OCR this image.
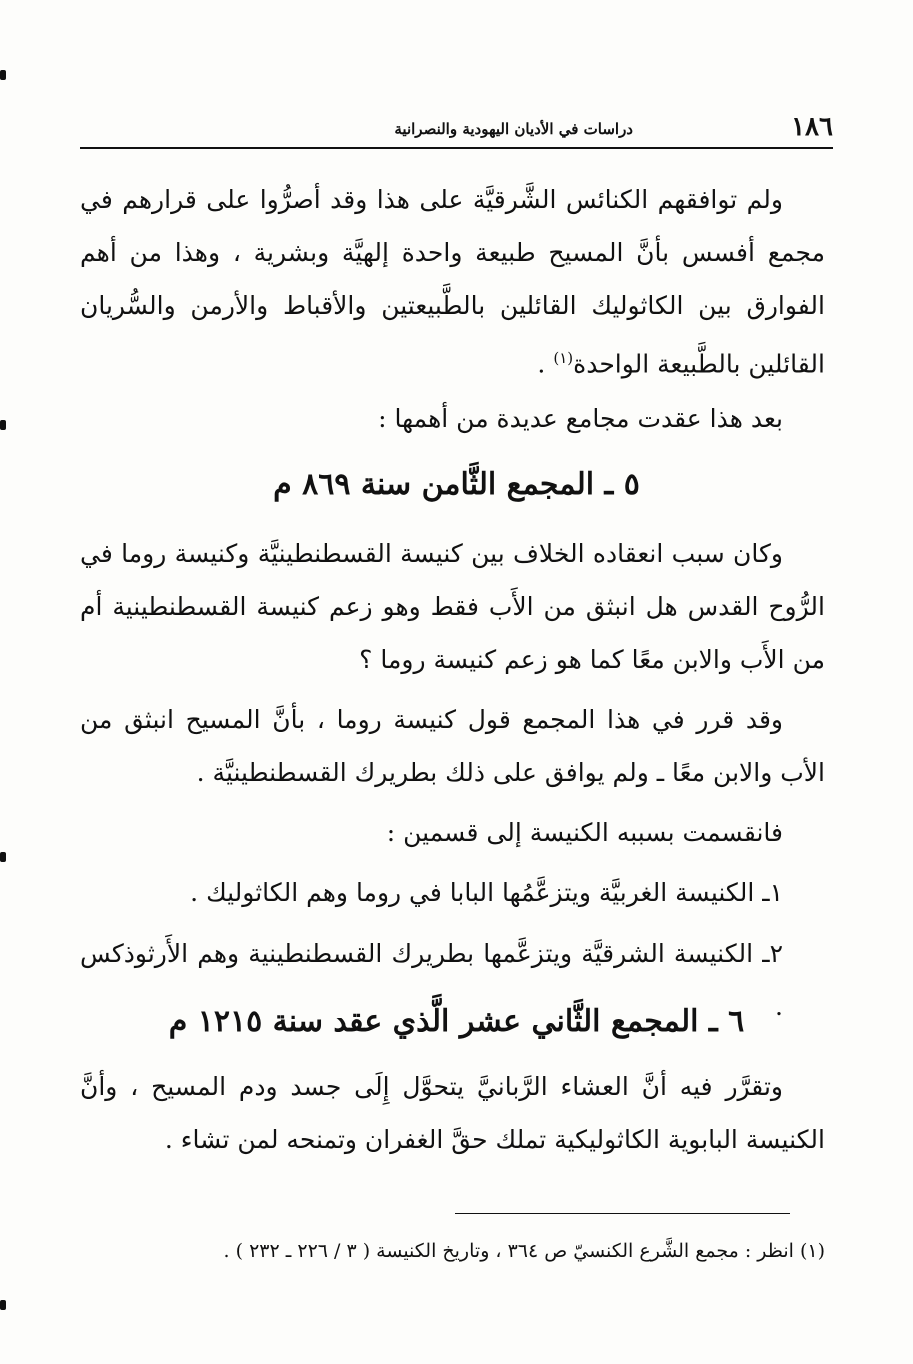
١٨٦
دراسات في الأديان اليهودية والنصرانية
ولم توافقهم الكنائس الشَّرقيَّة على هذا وقد أصرُّوا على قرارهم في مجمع أفسس بأنَّ المسيح طبيعة واحدة إلهيَّة وبشرية ، وهذا من أهم الفوارق بين الكاثوليك القائلين بالطَّبيعتين والأقباط والأرمن والسُّريان القائلين بالطَّبيعة الواحدة$^{(١)}$ .
بعد هذا عقدت مجامع عديدة من أهمها :
٥ ـ المجمع الثَّامن سنة ٨٦٩ م
وكان سبب انعقاده الخلاف بين كنيسة القسطنطينيَّة وكنيسة روما في الرُّوح القدس هل انبثق من الأَب فقط وهو زعم كنيسة القسطنطينية أم من الأَب والابن معًا كما هو زعم كنيسة روما ؟
وقد قرر في هذا المجمع قول كنيسة روما ، بأنَّ المسيح انبثق من الأب والابن معًا ـ ولم يوافق على ذلك بطريرك القسطنطينيَّة .
فانقسمت بسببه الكنيسة إلى قسمين :
١ـ الكنيسة الغربيَّة ويتزعَّمُها البابا في روما وهم الكاثوليك .
٢ـ الكنيسة الشرقيَّة ويتزعَّمها بطريرك القسطنطينية وهم الأَرثوذكس .
٦ ـ المجمع الثَّاني عشر الَّذي عقد سنة ١٢١٥ م
وتقرَّر فيه أنَّ العشاء الرَّبانيَّ يتحوَّل إِلَى جسد ودم المسيح ، وأنَّ الكنيسة البابوية الكاثوليكية تملك حقَّ الغفران وتمنحه لمن تشاء .
(١) انظر : مجمع الشَّرع الكنسيّ ص ٣٦٤ ، وتاريخ الكنيسة ( ٣ / ٢٢٦ ـ ٢٣٢ ) .
